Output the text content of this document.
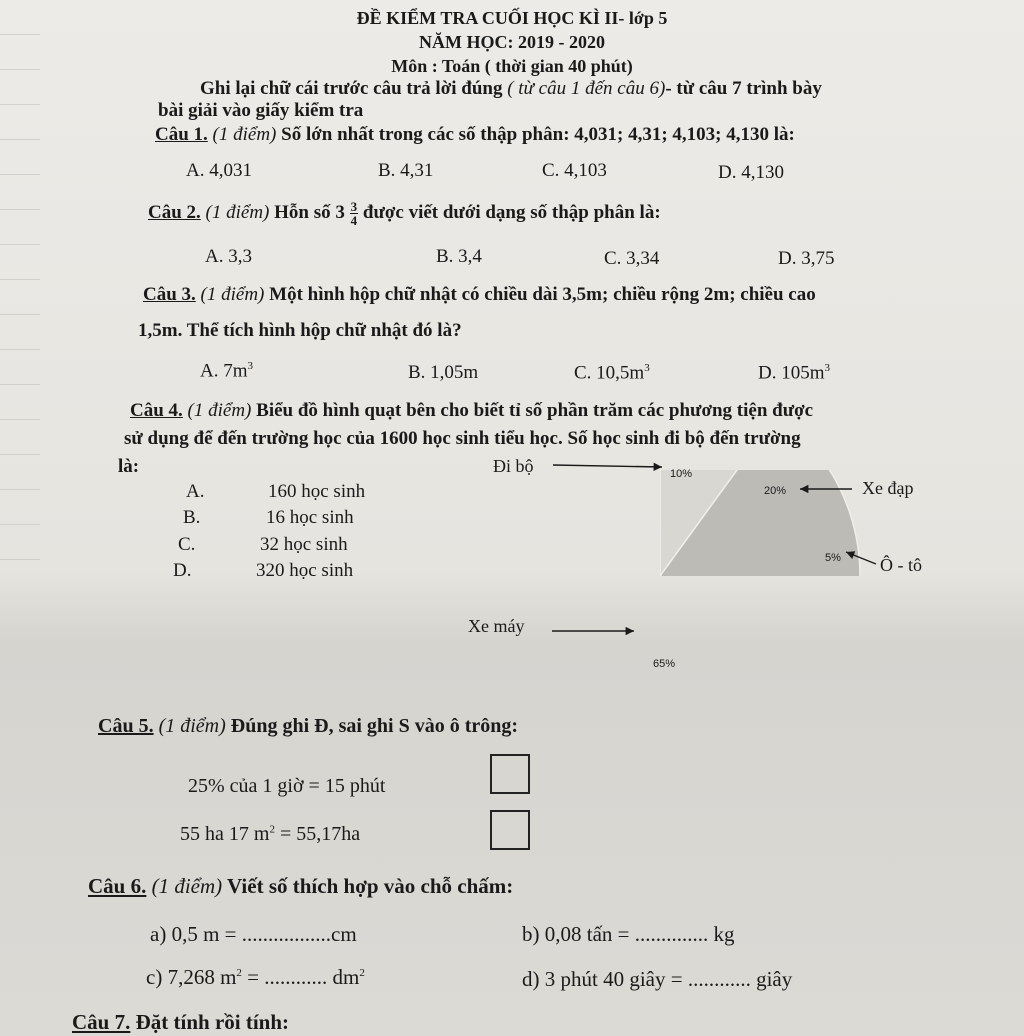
ĐỀ KIỂM TRA CUỐI HỌC KÌ II- lớp 5
NĂM HỌC: 2019 - 2020
Môn : Toán ( thời gian 40 phút)
Ghi lại chữ cái trước câu trả lời đúng ( từ câu 1 đến câu 6)- từ câu 7 trình bày
bài giải vào giấy kiểm tra
Câu 1. (1 điểm) Số lớn nhất trong các số thập phân: 4,031; 4,31; 4,103; 4,130 là:
A. 4,031	B. 4,31	C. 4,103	D. 4,130
Câu 2. (1 điểm) Hỗn số $3 \frac{3}{4}$ được viết dưới dạng số thập phân là:
A. 3,3	B. 3,4	C. 3,34	D. 3,75
Câu 3. (1 điểm) Một hình hộp chữ nhật có chiều dài 3,5m; chiều rộng 2m; chiều cao
1,5m. Thể tích hình hộp chữ nhật đó là?
A. $7m^3$	B. 1,05m	C. $10,5m^3$	D. $105m^3$
Câu 4. (1 điểm) Biểu đồ hình quạt bên cho biết tỉ số phần trăm các phương tiện được
sử dụng để đến trường học của 1600 học sinh tiểu học. Số học sinh đi bộ đến trường
là:
A.	160 học sinh
B.	16 học sinh
C.	32 học sinh
D.	320 học sinh
Đi bộ	10%
20%	Xe đạp
5% Ô - tô
Xe máy
65%
Câu 5. (1 điểm) Đúng ghi Đ, sai ghi S vào ô trông:
25% của 1 giờ = 15 phút
55 ha 17 $m^2 = 55,17ha$
Câu 6. (1 điểm) Viết số thích hợp vào chỗ chấm:
a) 0,5 m = .................cm	b) 0,08 tấn = .............. kg
c) 7,268 $m^2$ = ............ $dm^2$	d) 3 phút 40 giây = ............ giây
Câu 7. Đặt tính rồi tính:
